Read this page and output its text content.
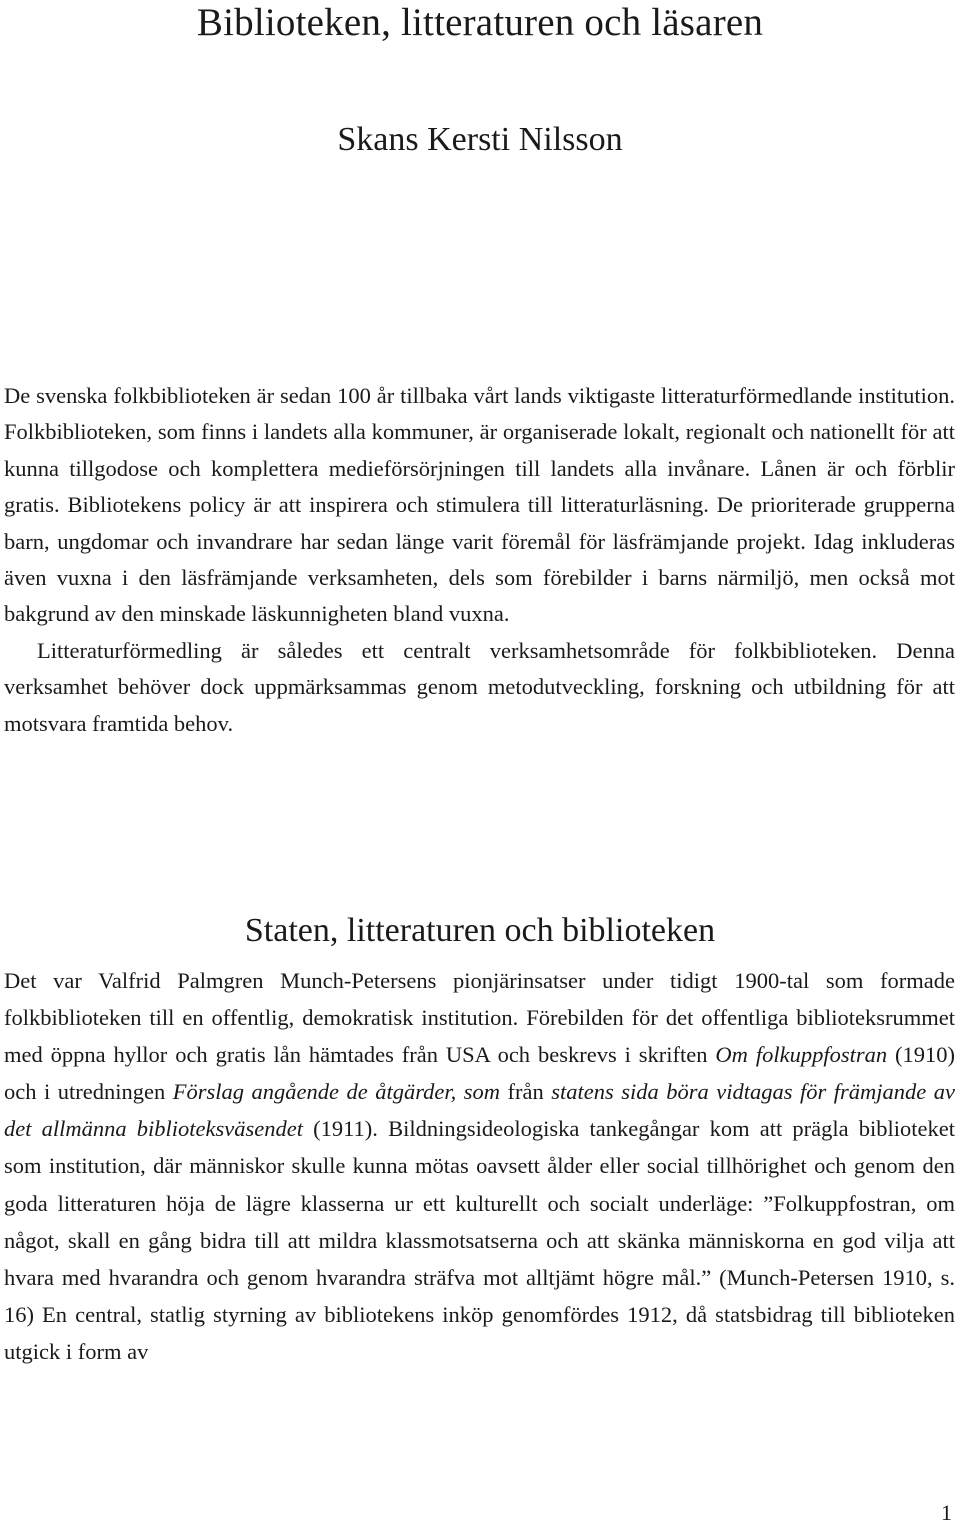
Biblioteken, litteraturen och läsaren
Skans Kersti Nilsson

De svenska folkbiblioteken är sedan 100 år tillbaka vårt lands viktigaste litteraturförmedlande institution. Folkbiblioteken, som finns i landets alla kommuner, är organiserade lokalt, regionalt och nationellt för att kunna tillgodose och komplettera medieförsörjningen till landets alla invånare. Lånen är och förblir gratis. Bibliotekens policy är att inspirera och stimulera till litteraturläsning. De prioriterade grupperna barn, ungdomar och invandrare har sedan länge varit föremål för läsfrämjande projekt. Idag inkluderas även vuxna i den läsfrämjande verksamheten, dels som förebilder i barns närmiljö, men också mot bakgrund av den minskade läskunnigheten bland vuxna.

Litteraturförmedling är således ett centralt verksamhetsområde för folkbiblioteken. Denna verksamhet behöver dock uppmärksammas genom metodutveckling, forskning och utbildning för att motsvara framtida behov.

Staten, litteraturen och biblioteken

Det var Valfrid Palmgren Munch-Petersens pionjärinsatser under tidigt 1900-tal som formade folkbiblioteken till en offentlig, demokratisk institution. Förebilden för det offentliga biblioteksrummet med öppna hyllor och gratis lån hämtades från USA och beskrevs i skriften Om folkuppfostran (1910) och i utredningen Förslag angående de åtgärder, som från statens sida böra vidtagas för främjande av det allmänna biblioteksväsendet (1911). Bildningsideologiska tankegångar kom att prägla biblioteket som institution, där människor skulle kunna mötas oavsett ålder eller social tillhörighet och genom den goda litteraturen höja de lägre klasserna ur ett kulturellt och socialt underläge: ”Folkuppfostran, om något, skall en gång bidra till att mildra klassmotsatserna och att skänka människorna en god vilja att hvara med hvarandra och genom hvarandra sträfva mot alltjämt högre mål.” (Munch-Petersen 1910, s. 16) En central, statlig styrning av bibliotekens inköp genomfördes 1912, då statsbidrag till biblioteken utgick i form av

1
